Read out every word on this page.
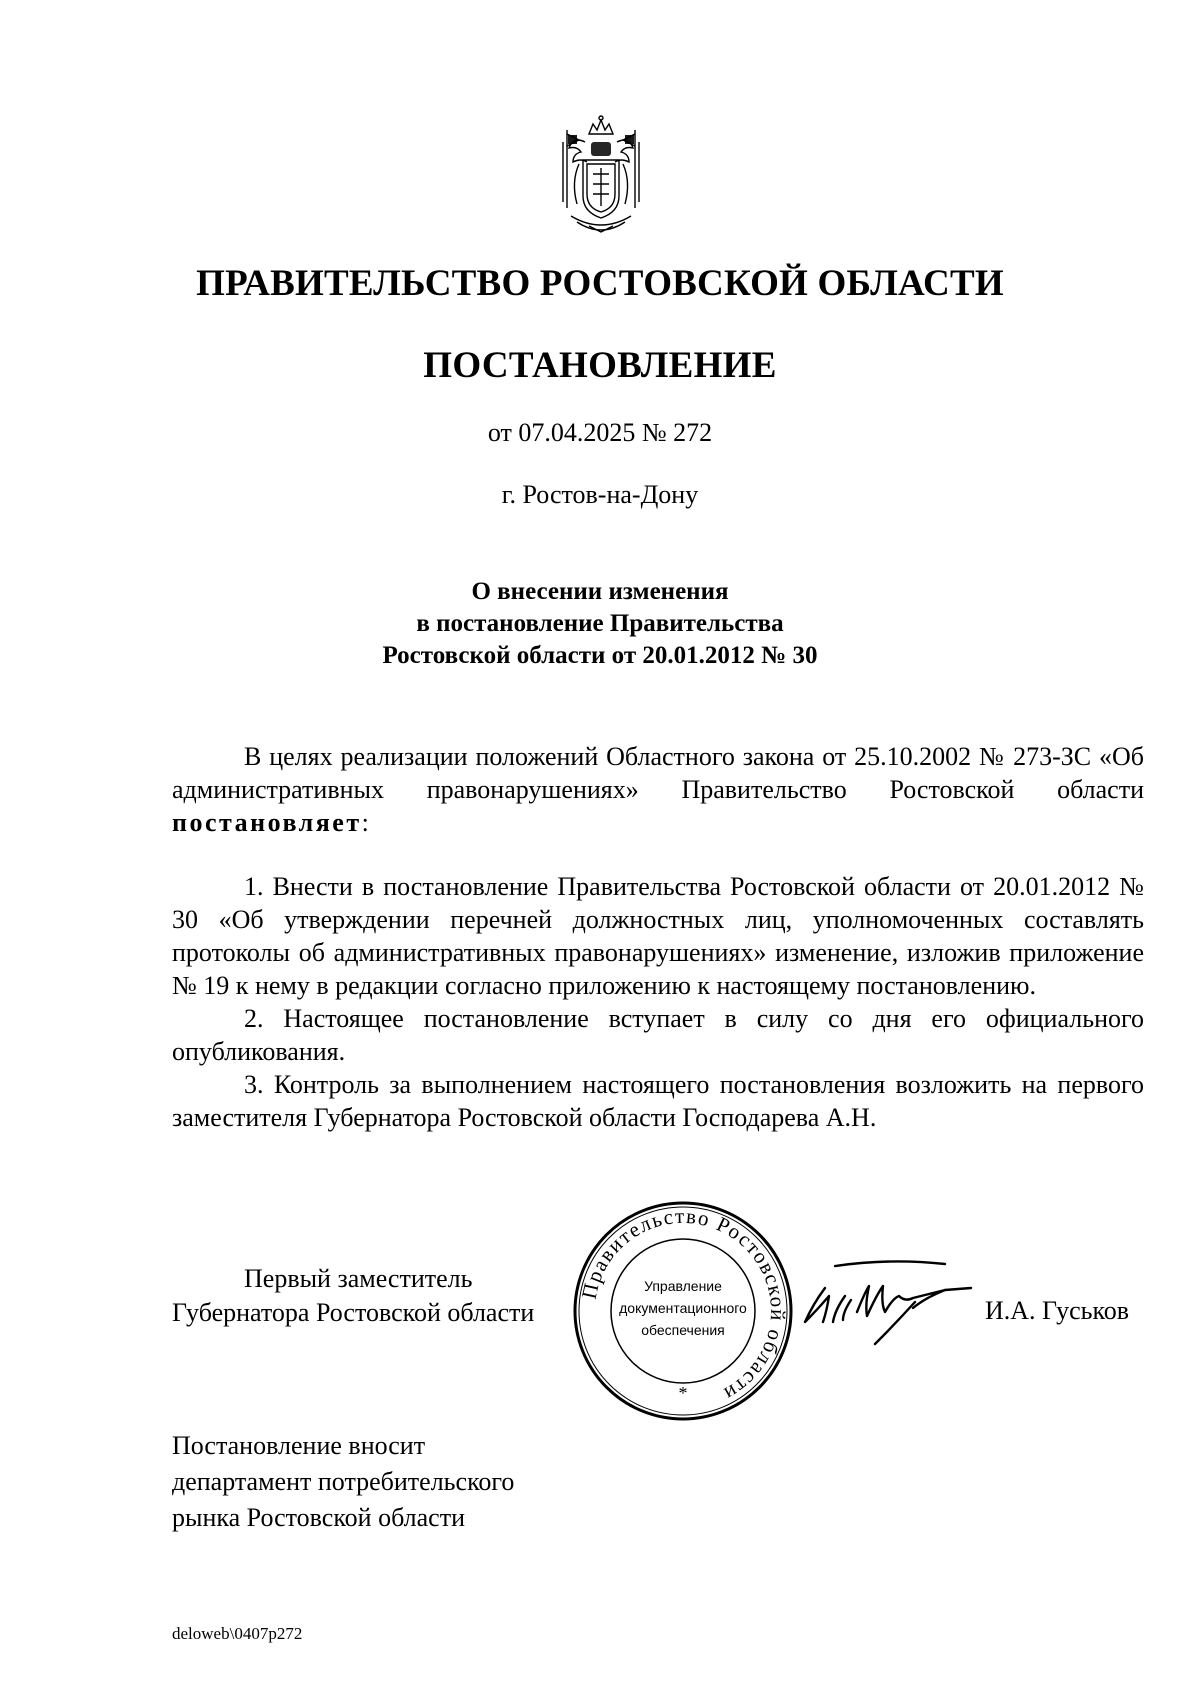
ПРАВИТЕЛЬСТВО РОСТОВСКОЙ ОБЛАСТИ
ПОСТАНОВЛЕНИЕ
от 07.04.2025 № 272
г. Ростов-на-Дону
О внесении изменения
в постановление Правительства
Ростовской области от 20.01.2012 № 30
В целях реализации положений Областного закона от 25.10.2002 № 273-ЗС «Об административных правонарушениях» Правительство Ростовской области постановляет:

1. Внести в постановление Правительства Ростовской области от 20.01.2012 № 30 «Об утверждении перечней должностных лиц, уполномоченных составлять протоколы об административных правонарушениях» изменение, изложив приложение № 19 к нему в редакции согласно приложению к настоящему постановлению.

2. Настоящее постановление вступает в силу со дня его официального опубликования.

3. Контроль за выполнением настоящего постановления возложить на первого заместителя Губернатора Ростовской области Господарева А.Н.

Первый заместитель
Губернатора Ростовской области
Правительство Ростовской области
Управление
документационного
обеспечения
*
И.А. Гуськов
Постановление вносит
департамент потребительского
рынка Ростовской области
deloweb\0407p272
